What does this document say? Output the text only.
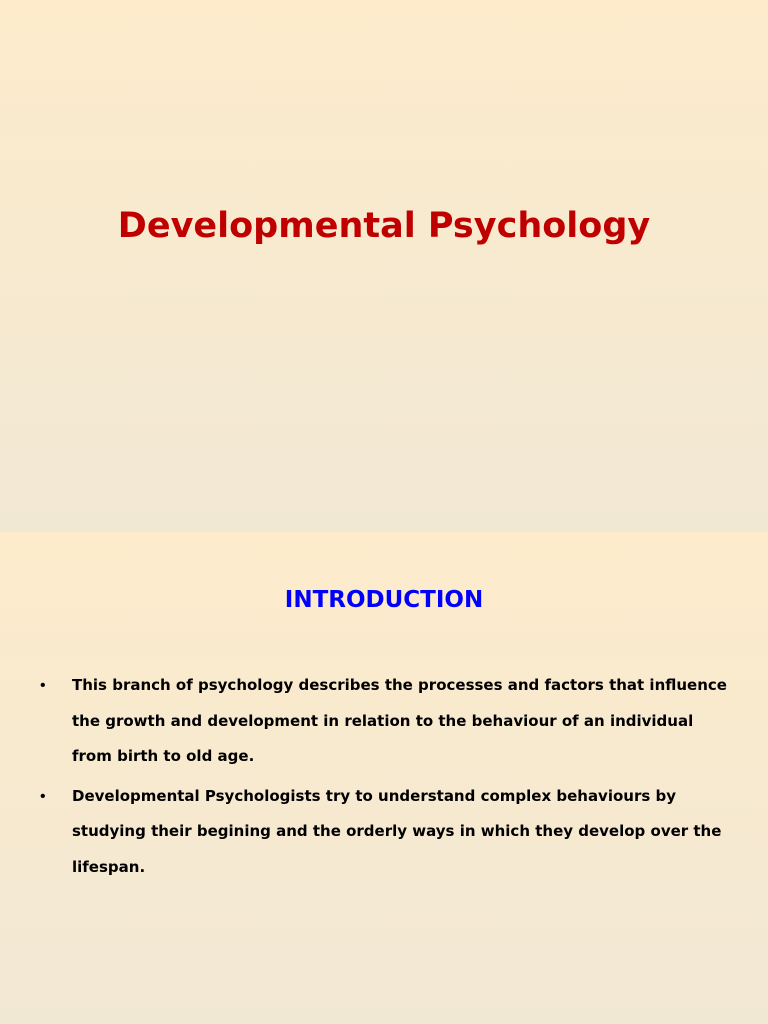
Developmental Psychology
INTRODUCTION
•	This branch of psychology describes the processes and factors that influence the growth and development in relation to the behaviour of an individual from birth to old age.
•	Developmental Psychologists try to understand complex behaviours by studying their begining and the orderly ways in which they develop over the lifespan.
